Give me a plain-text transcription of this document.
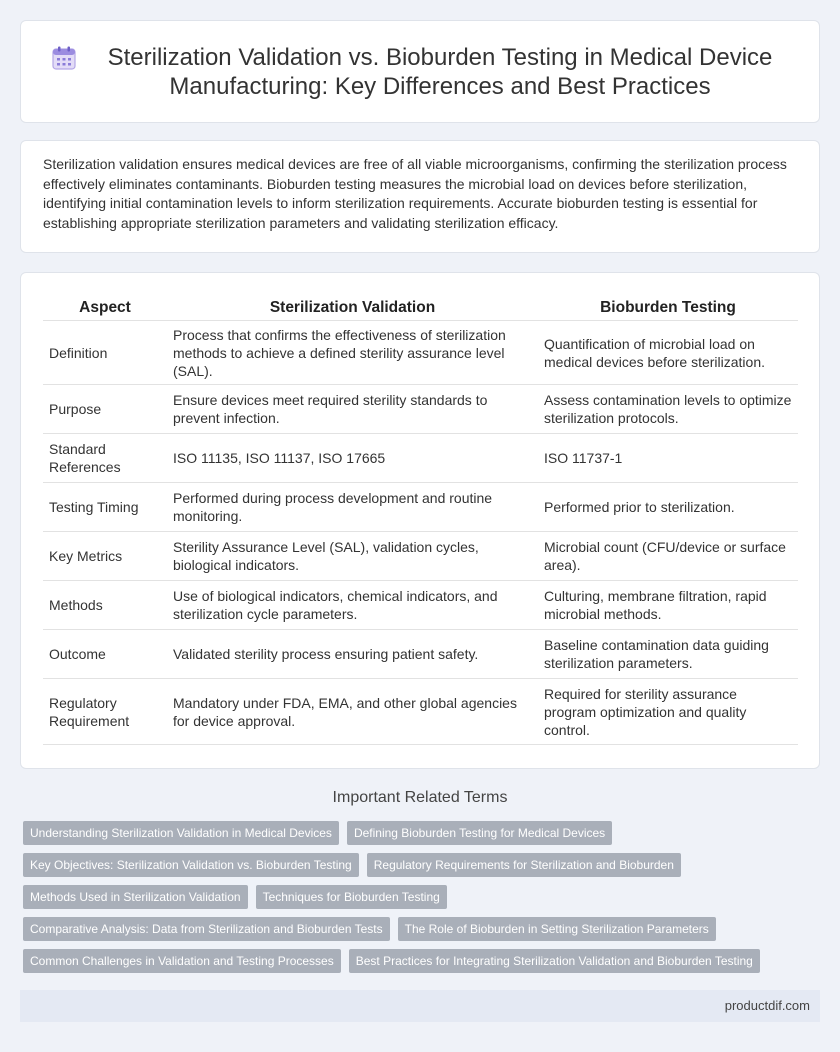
Sterilization Validation vs. Bioburden Testing in Medical Device Manufacturing: Key Differences and Best Practices

Sterilization validation ensures medical devices are free of all viable microorganisms, confirming the sterilization process effectively eliminates contaminants. Bioburden testing measures the microbial load on devices before sterilization, identifying initial contamination levels to inform sterilization requirements. Accurate bioburden testing is essential for establishing appropriate sterilization parameters and validating sterilization efficacy.

Aspect	Sterilization Validation	Bioburden Testing
Definition	Process that confirms the effectiveness of sterilization methods to achieve a defined sterility assurance level (SAL).	Quantification of microbial load on medical devices before sterilization.
Purpose	Ensure devices meet required sterility standards to prevent infection.	Assess contamination levels to optimize sterilization protocols.
Standard References	ISO 11135, ISO 11137, ISO 17665	ISO 11737-1
Testing Timing	Performed during process development and routine monitoring.	Performed prior to sterilization.
Key Metrics	Sterility Assurance Level (SAL), validation cycles, biological indicators.	Microbial count (CFU/device or surface area).
Methods	Use of biological indicators, chemical indicators, and sterilization cycle parameters.	Culturing, membrane filtration, rapid microbial methods.
Outcome	Validated sterility process ensuring patient safety.	Baseline contamination data guiding sterilization parameters.
Regulatory Requirement	Mandatory under FDA, EMA, and other global agencies for device approval.	Required for sterility assurance program optimization and quality control.
Important Related Terms
Understanding Sterilization Validation in Medical Devices	Defining Bioburden Testing for Medical Devices
Key Objectives: Sterilization Validation vs. Bioburden Testing	Regulatory Requirements for Sterilization and Bioburden
Methods Used in Sterilization Validation	Techniques for Bioburden Testing
Comparative Analysis: Data from Sterilization and Bioburden Tests	The Role of Bioburden in Setting Sterilization Parameters
Common Challenges in Validation and Testing Processes	Best Practices for Integrating Sterilization Validation and Bioburden Testing
productdif.com
